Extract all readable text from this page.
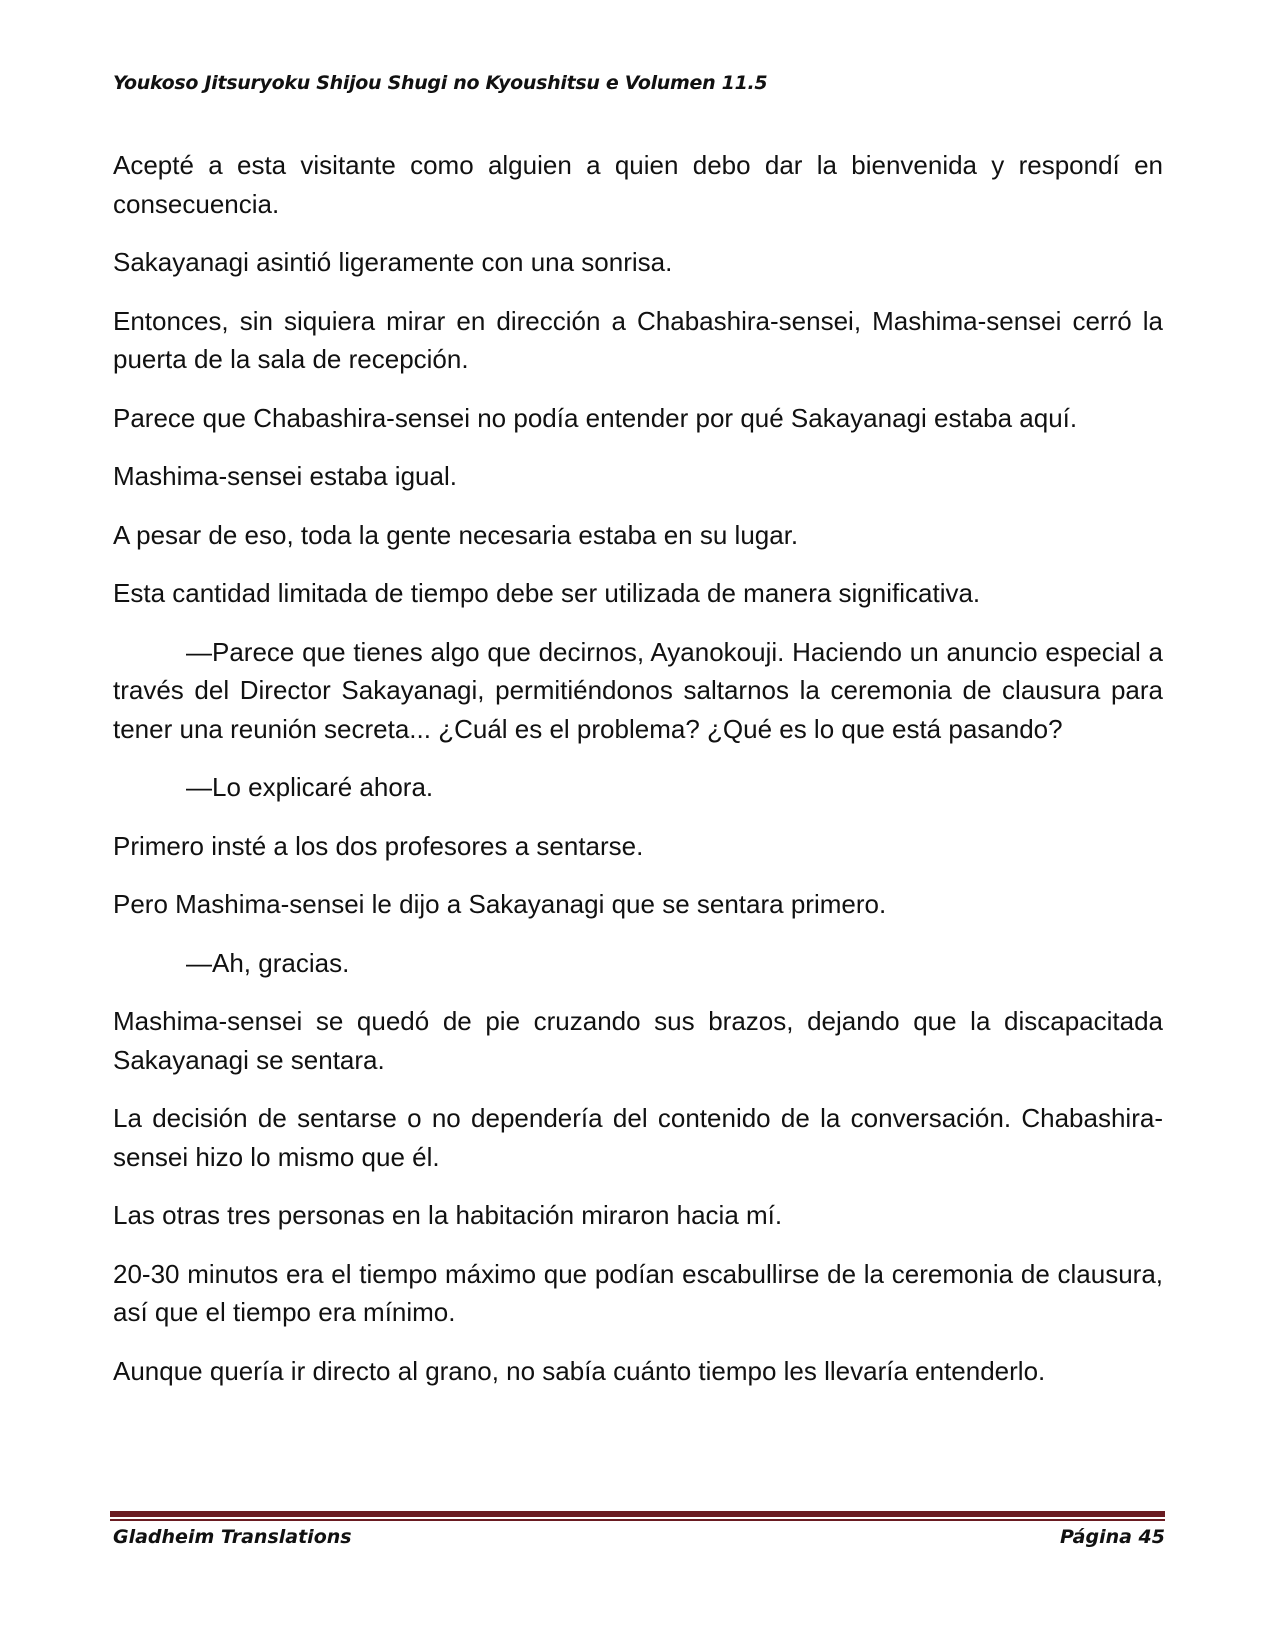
Youkoso Jitsuryoku Shijou Shugi no Kyoushitsu e Volumen 11.5

Acepté a esta visitante como alguien a quien debo dar la bienvenida y respondí en consecuencia.

Sakayanagi asintió ligeramente con una sonrisa.

Entonces, sin siquiera mirar en dirección a Chabashira-sensei, Mashima-sensei cerró la puerta de la sala de recepción.

Parece que Chabashira-sensei no podía entender por qué Sakayanagi estaba aquí.

Mashima-sensei estaba igual.

A pesar de eso, toda la gente necesaria estaba en su lugar.

Esta cantidad limitada de tiempo debe ser utilizada de manera significativa.

—Parece que tienes algo que decirnos, Ayanokouji. Haciendo un anuncio especial a través del Director Sakayanagi, permitiéndonos saltarnos la ceremonia de clausura para tener una reunión secreta... ¿Cuál es el problema? ¿Qué es lo que está pasando?

—Lo explicaré ahora.

Primero insté a los dos profesores a sentarse.

Pero Mashima-sensei le dijo a Sakayanagi que se sentara primero.

—Ah, gracias.

Mashima-sensei se quedó de pie cruzando sus brazos, dejando que la discapacitada Sakayanagi se sentara.

La decisión de sentarse o no dependería del contenido de la conversación. Chabashira-sensei hizo lo mismo que él.

Las otras tres personas en la habitación miraron hacia mí.

20-30 minutos era el tiempo máximo que podían escabullirse de la ceremonia de clausura, así que el tiempo era mínimo.

Aunque quería ir directo al grano, no sabía cuánto tiempo les llevaría entenderlo.

Gladheim Translations	Página 45
